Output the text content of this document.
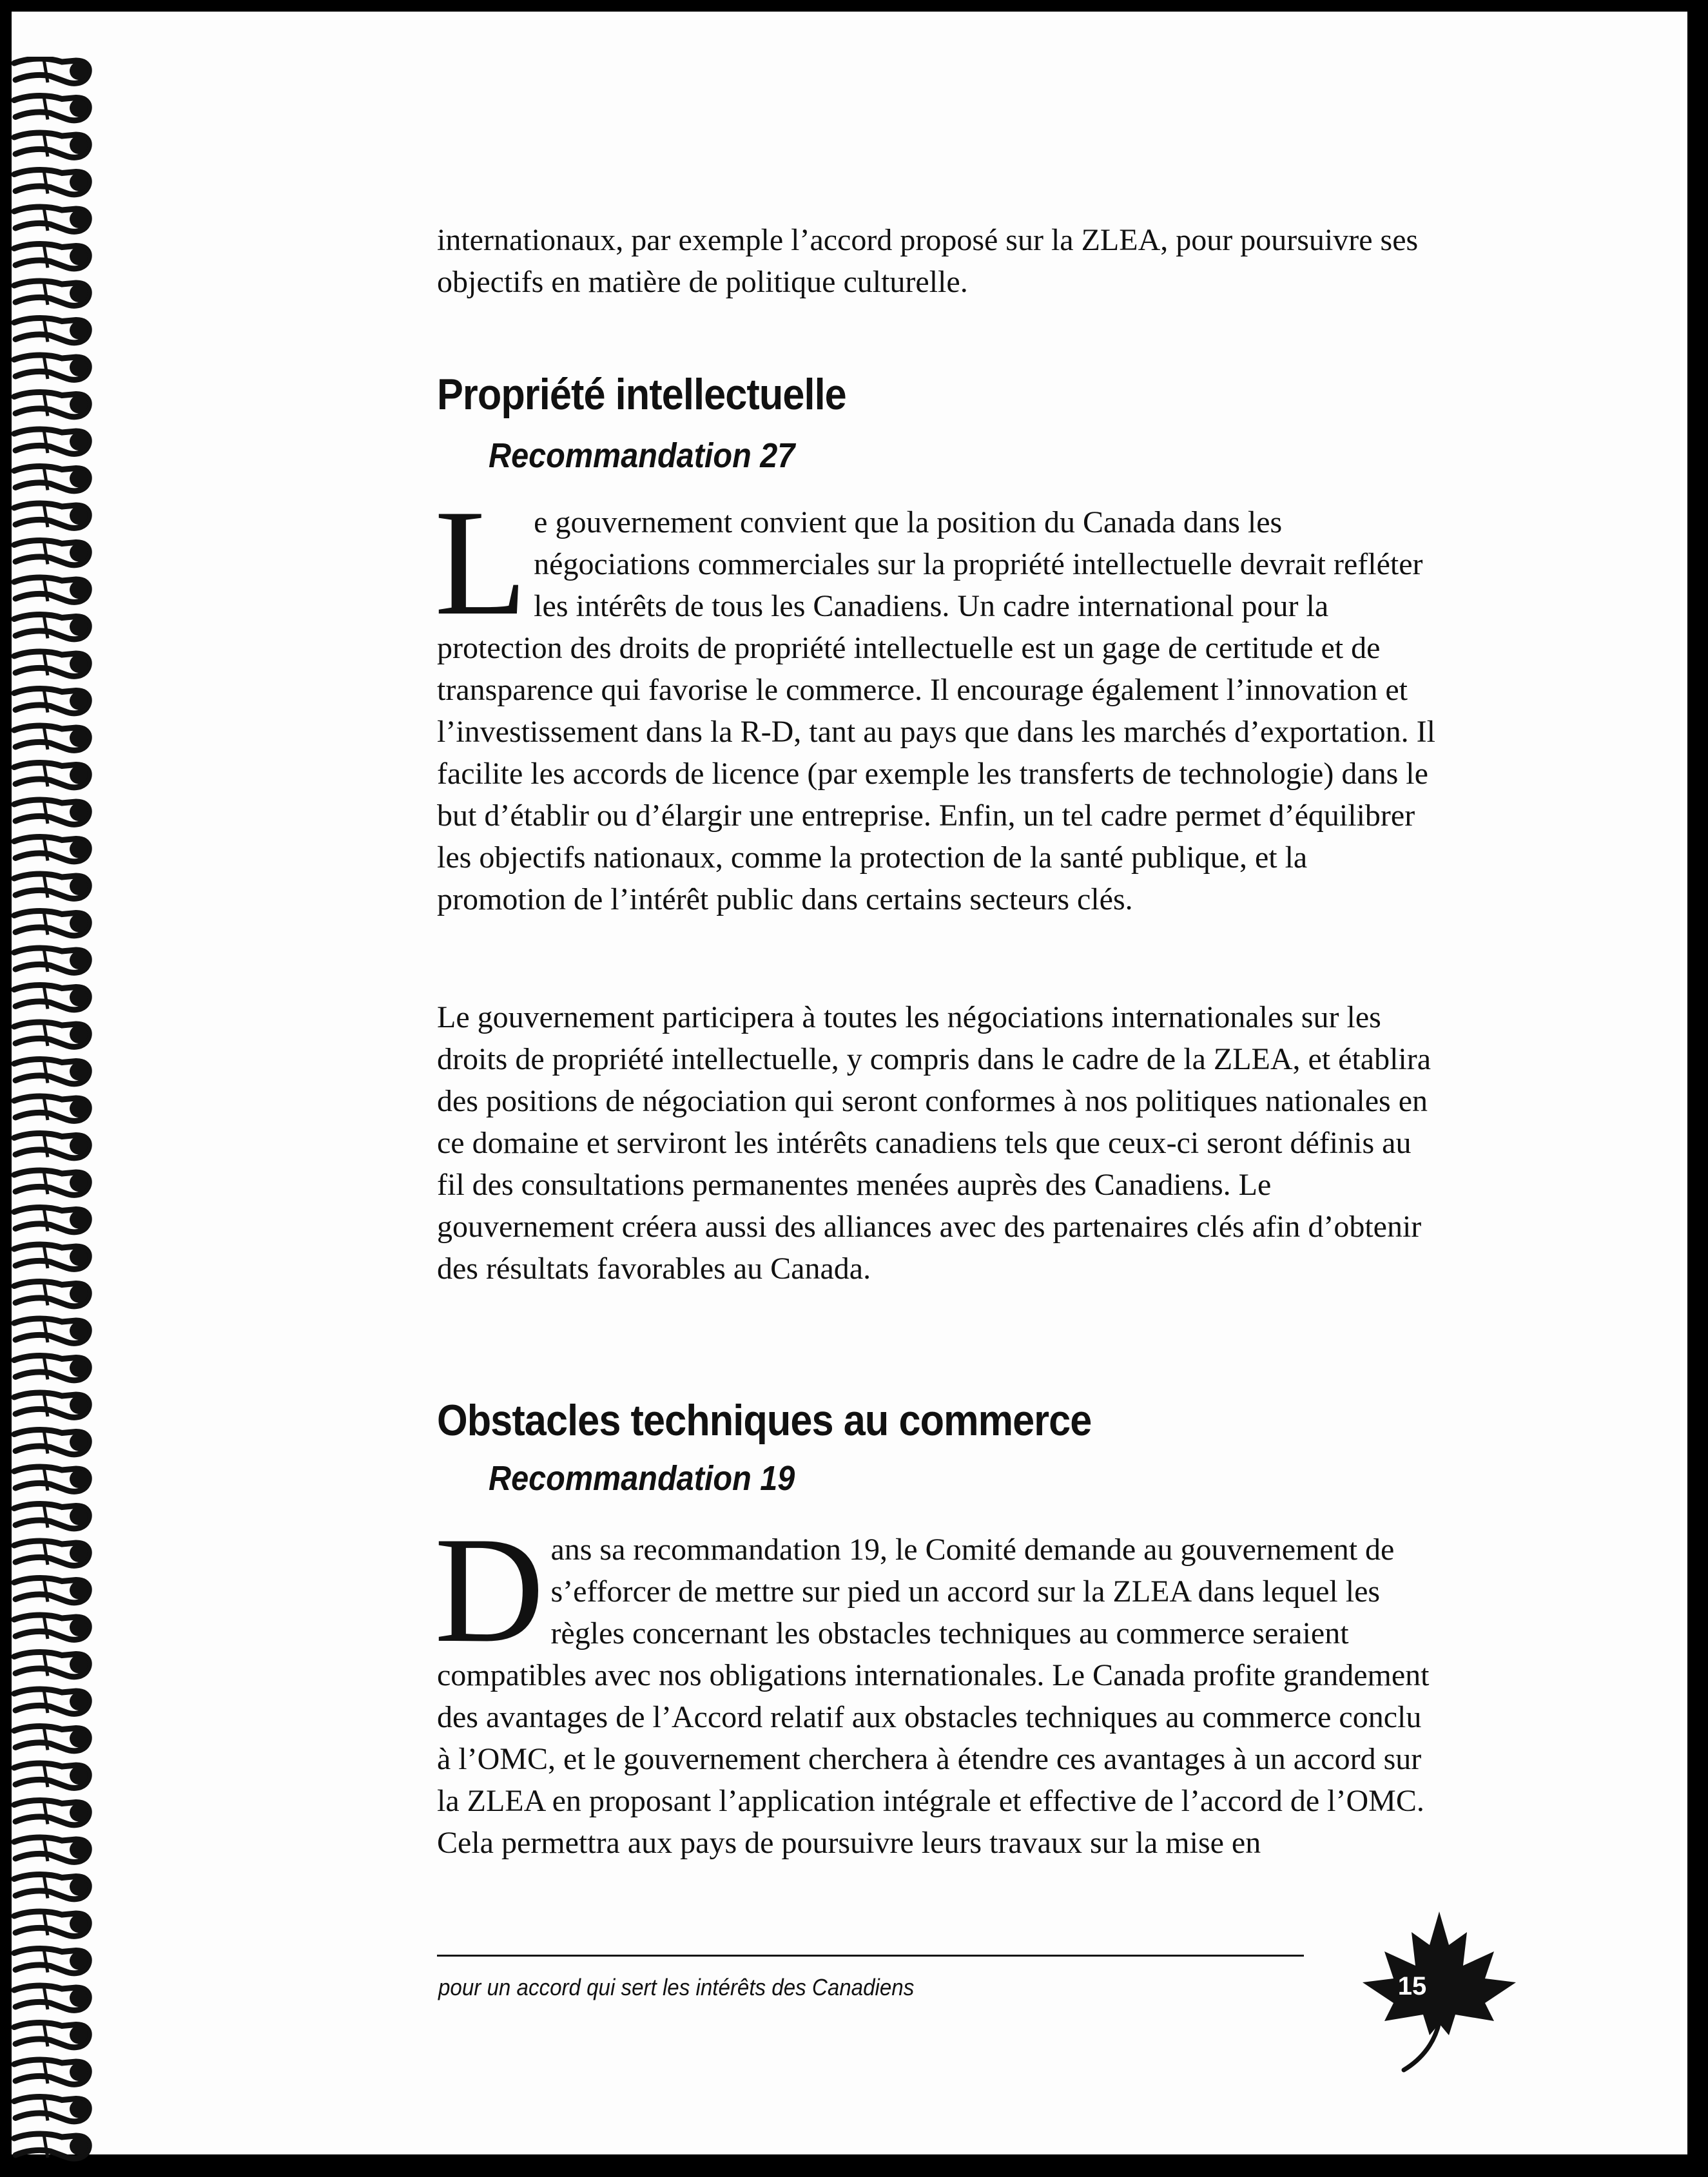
internationaux, par exemple l’accord proposé sur la ZLEA, pour poursuivre ses objectifs en matière de politique culturelle.

Propriété intellectuelle
Recommandation 27
Le gouvernement convient que la position du Canada dans les négociations commerciales sur la propriété intellectuelle devrait refléter les intérêts de tous les Canadiens. Un cadre international pour la protection des droits de propriété intellectuelle est un gage de certitude et de transparence qui favorise le commerce. Il encourage également l’innovation et l’investissement dans la R-D, tant au pays que dans les marchés d’exportation. Il facilite les accords de licence (par exemple les transferts de technologie) dans le but d’établir ou d’élargir une entreprise. Enfin, un tel cadre permet d’équilibrer les objectifs nationaux, comme la protection de la santé publique, et la promotion de l’intérêt public dans certains secteurs clés.

Le gouvernement participera à toutes les négociations internationales sur les droits de propriété intellectuelle, y compris dans le cadre de la ZLEA, et établira des positions de négociation qui seront conformes à nos politiques nationales en ce domaine et serviront les intérêts canadiens tels que ceux-ci seront définis au fil des consultations permanentes menées auprès des Canadiens. Le gouvernement créera aussi des alliances avec des partenaires clés afin d’obtenir des résultats favorables au Canada.

Obstacles techniques au commerce
Recommandation 19
Dans sa recommandation 19, le Comité demande au gouvernement de s’efforcer de mettre sur pied un accord sur la ZLEA dans lequel les règles concernant les obstacles techniques au commerce seraient compatibles avec nos obligations internationales. Le Canada profite grandement des avantages de l’Accord relatif aux obstacles techniques au commerce conclu à l’OMC, et le gouvernement cherchera à étendre ces avantages à un accord sur la ZLEA en proposant l’application intégrale et effective de l’accord de l’OMC. Cela permettra aux pays de poursuivre leurs travaux sur la mise en
pour un accord qui sert les intérêts des Canadiens	15
